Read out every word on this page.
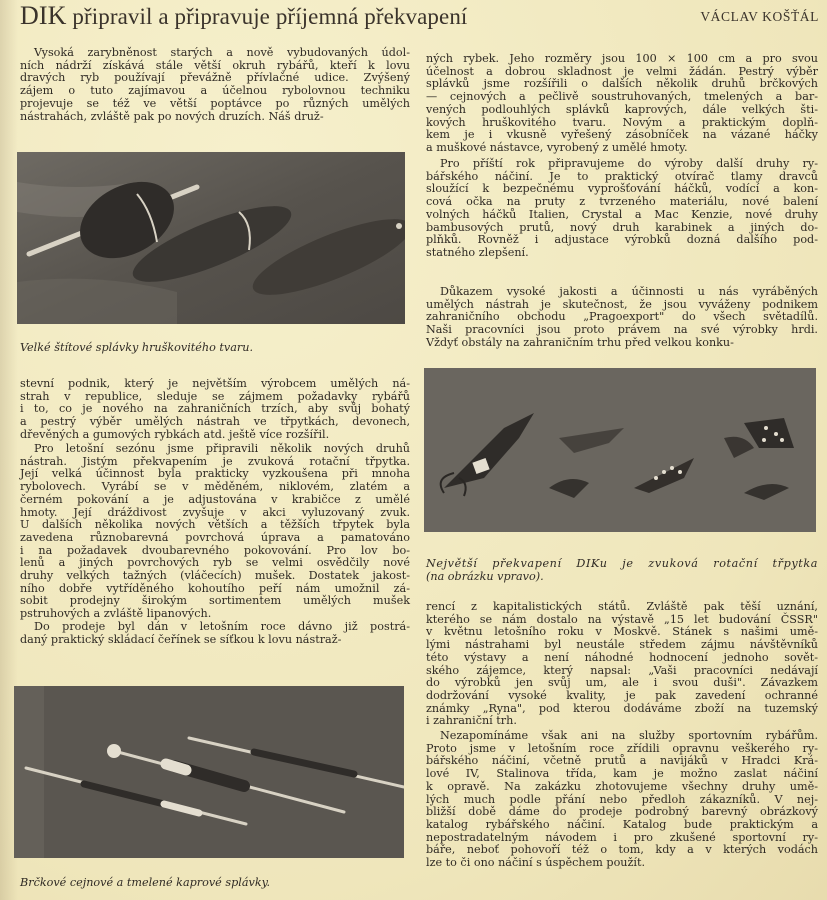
DIK připravil a připravuje příjemná překvapení	VÁCLAV KOŠŤÁL
Vysoká zarybněnost starých a nově vybudovaných údol-
ních nádrží získává stále větší okruh rybářů, kteří k lovu
dravých ryb používají převážně přívlačné udice. Zvýšený
zájem o tuto zajímavou a účelnou rybolovnou techniku
projevuje se též ve větší poptávce po různých umělých
nástrahách, zvláště pak po nových druzích. Náš druž-
Velké štítové splávky hruškovitého tvaru.
stevní podnik, který je největším výrobcem umělých ná-
strah v republice, sleduje se zájmem požadavky rybářů
i to, co je nového na zahraničních trzích, aby svůj bohatý
a pestrý výběr umělých nástrah ve třpytkách, devonech,
dřevěných a gumových rybkách atd. ještě více rozšířil.
Pro letošní sezónu jsme připravili několik nových druhů
nástrah. Jistým překvapením je zvuková rotační třpytka.
Její velká účinnost byla prakticky vyzkoušena při mnoha
rybolovech. Vyrábí se v měděném, niklovém, zlatém a
černém pokování a je adjustována v krabičce z umělé
hmoty. Její dráždivost zvyšuje v akci vyluzovaný zvuk.
U dalších několika nových větších a těžších třpytek byla
zavedena různobarevná povrchová úprava a pamatováno
i na požadavek dvoubarevného pokovování. Pro lov bo-
lenů a jiných povrchových ryb se velmi osvědčily nové
druhy velkých tažných (vláčecích) mušek. Dostatek jakost-
ního dobře vytříděného kohoutího peří nám umožnil zá-
sobit prodejny širokým sortimentem umělých mušek
pstruhových a zvláště lipanových.
Do prodeje byl dán v letošním roce dávno již postrá-
daný praktický skládací čeřínek se síťkou k lovu nástraž-
Brčkové cejnové a tmelené kaprové splávky.
ných rybek. Jeho rozměry jsou 100 × 100 cm a pro svou
účelnost a dobrou skladnost je velmi žádán. Pestrý výběr
splávků jsme rozšířili o dalších několik druhů brčkových
— cejnových a pečlivě soustruhovaných, tmelených a bar-
vených podlouhlých splávků kaprových, dále velkých šti-
kových hruškovitého tvaru. Novým a praktickým doplň-
kem je i vkusně vyřešený zásobníček na vázané háčky
a muškové nástavce, vyrobený z umělé hmoty.
Pro příští rok připravujeme do výroby další druhy ry-
bářského náčiní. Je to praktický otvírač tlamy dravců
sloužící k bezpečnému vyprošťování háčků, vodící a kon-
cová očka na pruty z tvrzeného materiálu, nové balení
volných háčků Italien, Crystal a Mac Kenzie, nové druhy
bambusových prutů, nový druh karabinek a jiných do-
plňků. Rovněž i adjustace výrobků dozná dalšího pod-
statného zlepšení.
Důkazem vysoké jakosti a účinnosti u nás vyráběných
umělých nástrah je skutečnost, že jsou vyváženy podnikem
zahraničního obchodu „Pragoexport" do všech světadílů.
Naši pracovníci jsou proto právem na své výrobky hrdi.
Vždyť obstály na zahraničním trhu před velkou konku-
Největší překvapení DIKu je zvuková rotační třpytka
(na obrázku vpravo).
rencí z kapitalistických států. Zvláště pak těší uznání,
kterého se nám dostalo na výstavě „15 let budování ČSSR"
v květnu letošního roku v Moskvě. Stánek s našimi umě-
lými nástrahami byl neustále středem zájmu návštěvníků
této výstavy a není náhodné hodnocení jednoho sovět-
ského zájemce, který napsal: „Vaši pracovníci nedávají
do výrobků jen svůj um, ale i svou duši". Závazkem
dodržování vysoké kvality, je pak zavedení ochranné
známky „Ryna", pod kterou dodáváme zboží na tuzemský
i zahraniční trh.
Nezapomínáme však ani na služby sportovním rybářům.
Proto jsme v letošním roce zřídili opravnu veškerého ry-
bářského náčiní, včetně prutů a navijáků v Hradci Krá-
lové IV, Stalinova třída, kam je možno zaslat náčiní
k opravě. Na zakázku zhotovujeme všechny druhy umě-
lých much podle přání nebo předloh zákazníků. V nej-
bližší době dáme do prodeje podrobný barevný obrázkový
katalog rybářského náčiní. Katalog bude praktickým a
nepostradatelným návodem i pro zkušené sportovní ry-
báře, neboť pohovoří též o tom, kdy a v kterých vodách
lze to či ono náčiní s úspěchem použít.
